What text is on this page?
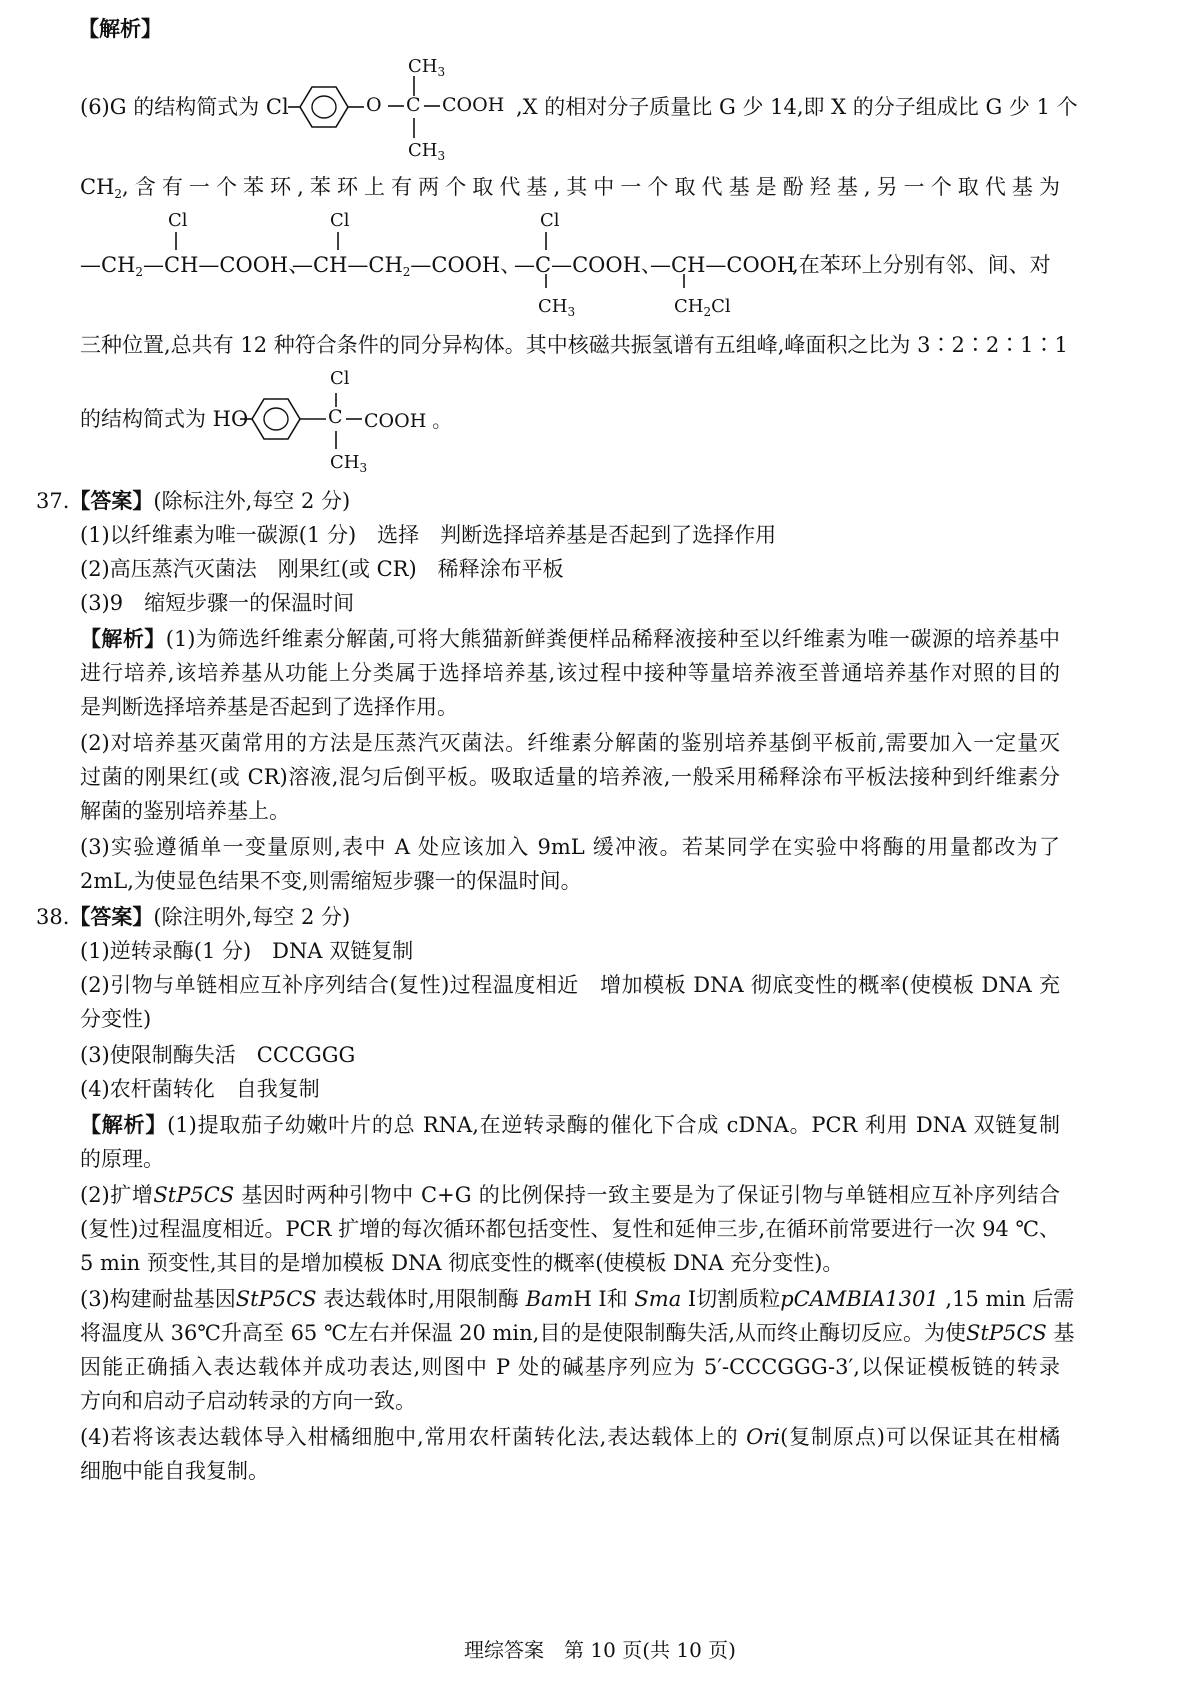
【解析】
$CH_3$
(6)G 的结构简式为 Cl	O C COOH ,X 的相对分子质量比 G 少 14,即 X 的分子组成比 G 少 1 个
$CH_3$
$CH_2$,含有一个苯环,苯环上有两个取代基,其中一个取代基是酚羟基,另一个取代基为
Cl	Cl	Cl
$—CH_2—CH—COOH$、
$—CH—CH_2—COOH$、
—C—COOH、
—CH—COOH
,在苯环上分别有邻、间、对
$CH_3$	$CH_2Cl$
三种位置,总共有 12 种符合条件的同分异构体。其中核磁共振氢谱有五组峰,峰面积之比为 3∶2∶2∶1∶1
Cl
的结构简式为 HO	C COOH 。
$CH_3$
37.【答案】(除标注外,每空 2 分)
(1)以纤维素为唯一碳源(1 分)　选择　判断选择培养基是否起到了选择作用
(2)高压蒸汽灭菌法　刚果红(或 CR)　稀释涂布平板
(3)9　缩短步骤一的保温时间
【解析】(1)为筛选纤维素分解菌,可将大熊猫新鲜粪便样品稀释液接种至以纤维素为唯一碳源的培养基中
进行培养,该培养基从功能上分类属于选择培养基,该过程中接种等量培养液至普通培养基作对照的目的
是判断选择培养基是否起到了选择作用。
(2)对培养基灭菌常用的方法是压蒸汽灭菌法。纤维素分解菌的鉴别培养基倒平板前,需要加入一定量灭
过菌的刚果红(或 CR)溶液,混匀后倒平板。吸取适量的培养液,一般采用稀释涂布平板法接种到纤维素分
解菌的鉴别培养基上。
(3)实验遵循单一变量原则,表中 A 处应该加入 9mL 缓冲液。若某同学在实验中将酶的用量都改为了
2mL,为使显色结果不变,则需缩短步骤一的保温时间。
38.【答案】(除注明外,每空 2 分)
(1)逆转录酶(1 分)　DNA 双链复制
(2)引物与单链相应互补序列结合(复性)过程温度相近　增加模板 DNA 彻底变性的概率(使模板 DNA 充
分变性)
(3)使限制酶失活　CCCGGG
(4)农杆菌转化　自我复制
【解析】(1)提取茄子幼嫩叶片的总 RNA,在逆转录酶的催化下合成 cDNA。PCR 利用 DNA 双链复制
的原理。
(2)扩增StP5CS 基因时两种引物中 C+G 的比例保持一致主要是为了保证引物与单链相应互补序列结合
(复性)过程温度相近。PCR 扩增的每次循环都包括变性、复性和延伸三步,在循环前常要进行一次 94 ℃、
5 min 预变性,其目的是增加模板 DNA 彻底变性的概率(使模板 DNA 充分变性)。
(3)构建耐盐基因StP5CS 表达载体时,用限制酶 BamH Ⅰ和 Sma Ⅰ切割质粒pCAMBIA1301 ,15 min 后需
将温度从 36℃升高至 65 ℃左右并保温 20 min,目的是使限制酶失活,从而终止酶切反应。为使StP5CS 基
因能正确插入表达载体并成功表达,则图中 P 处的碱基序列应为 5′-CCCGGG-3′,以保证模板链的转录
方向和启动子启动转录的方向一致。
(4)若将该表达载体导入柑橘细胞中,常用农杆菌转化法,表达载体上的 Ori(复制原点)可以保证其在柑橘
细胞中能自我复制。
理综答案　第 10 页(共 10 页)
